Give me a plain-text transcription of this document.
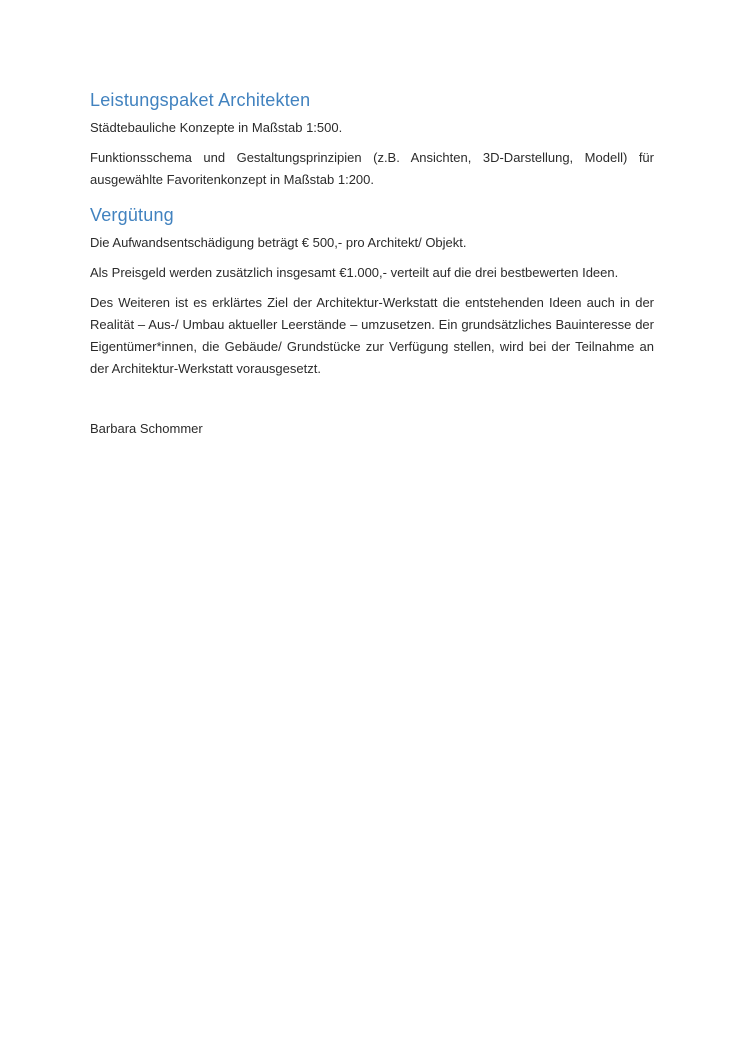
Leistungspaket Architekten

Städtebauliche Konzepte in Maßstab 1:500.

Funktionsschema und Gestaltungsprinzipien (z.B. Ansichten, 3D-Darstellung, Modell) für ausgewählte Favoritenkonzept in Maßstab 1:200.

Vergütung

Die Aufwandsentschädigung beträgt € 500,- pro Architekt/ Objekt.

Als Preisgeld werden zusätzlich insgesamt €1.000,- verteilt auf die drei bestbewerten Ideen.

Des Weiteren ist es erklärtes Ziel der Architektur-Werkstatt die entstehenden Ideen auch in der Realität – Aus-/ Umbau aktueller Leerstände – umzusetzen. Ein grundsätzliches Bauinteresse der Eigentümer*innen, die Gebäude/ Grundstücke zur Verfügung stellen, wird bei der Teilnahme an der Architektur-Werkstatt vorausgesetzt.

Barbara Schommer
